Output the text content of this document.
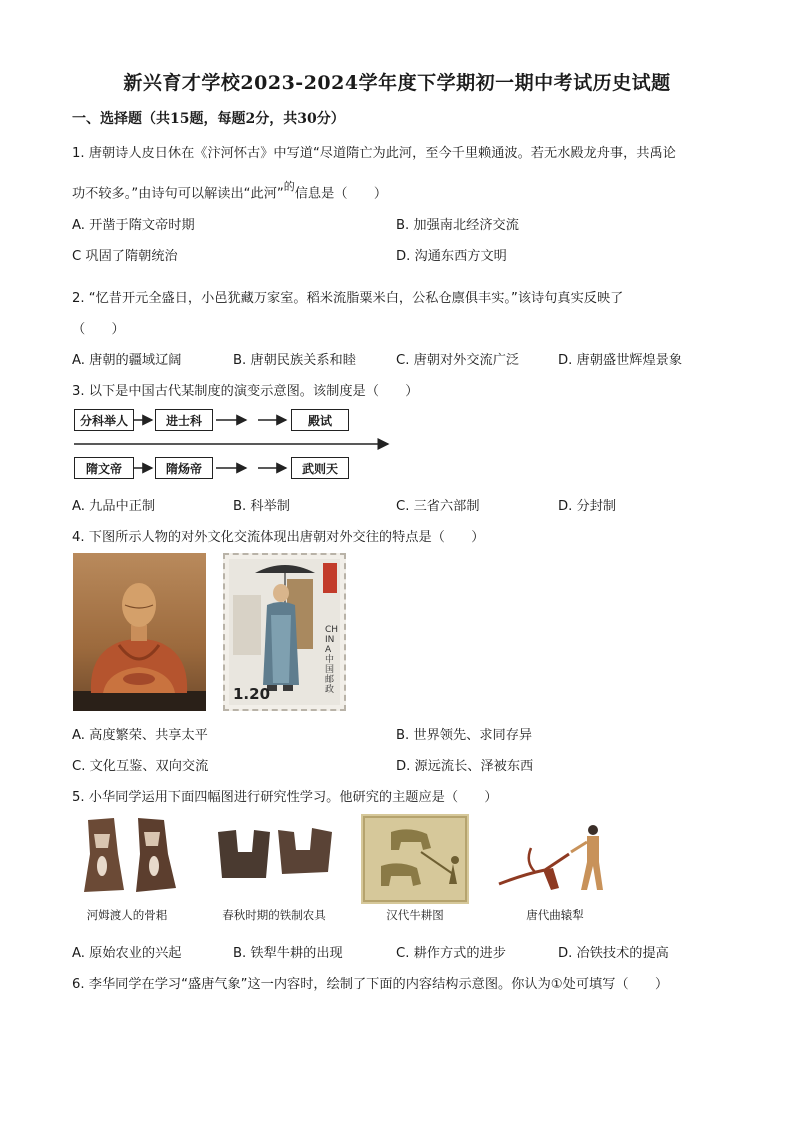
新兴育才学校2023-2024学年度下学期初一期中考试历史试题
一、选择题（共15题，每题2分，共30分）
1. 唐朝诗人皮日休在《汴河怀古》中写道“尽道隋亡为此河，至今千里赖通波。若无水殿龙舟事，共禹论
功不较多。”由诗句可以解读出“此河”$^的$信息是（　　）
A. 开凿于隋文帝时期	B. 加强南北经济交流
C 巩固了隋朝统治	D. 沟通东西方文明
2. “忆昔开元全盛日，小邑犹藏万家室。稻米流脂粟米白，公私仓廪俱丰实。”该诗句真实反映了
（　　）
A. 唐朝的疆域辽阔	B. 唐朝民族关系和睦	C. 唐朝对外交流广泛	D. 唐朝盛世辉煌景象
3. 以下是中国古代某制度的演变示意图。该制度是（　　）
分科举人	进士科	殿试
隋文帝	隋炀帝	武则天
A. 九品中正制	B. 科举制	C. 三省六部制	D. 分封制
4. 下图所示人物的对外文化交流体现出唐朝对外交往的特点是（　　）
1.20
CHINA 中国邮政
A. 高度繁荣、共享太平	B. 世界领先、求同存异
C. 文化互鉴、双向交流	D. 源远流长、泽被东西
5. 小华同学运用下面四幅图进行研究性学习。他研究的主题应是（　　）
河姆渡人的骨耜	春秋时期的铁制农具	汉代牛耕图	唐代曲辕犁
A. 原始农业的兴起	B. 铁犁牛耕的出现	C. 耕作方式的进步	D. 冶铁技术的提高
6. 李华同学在学习“盛唐气象”这一内容时，绘制了下面的内容结构示意图。你认为①处可填写（　　）
